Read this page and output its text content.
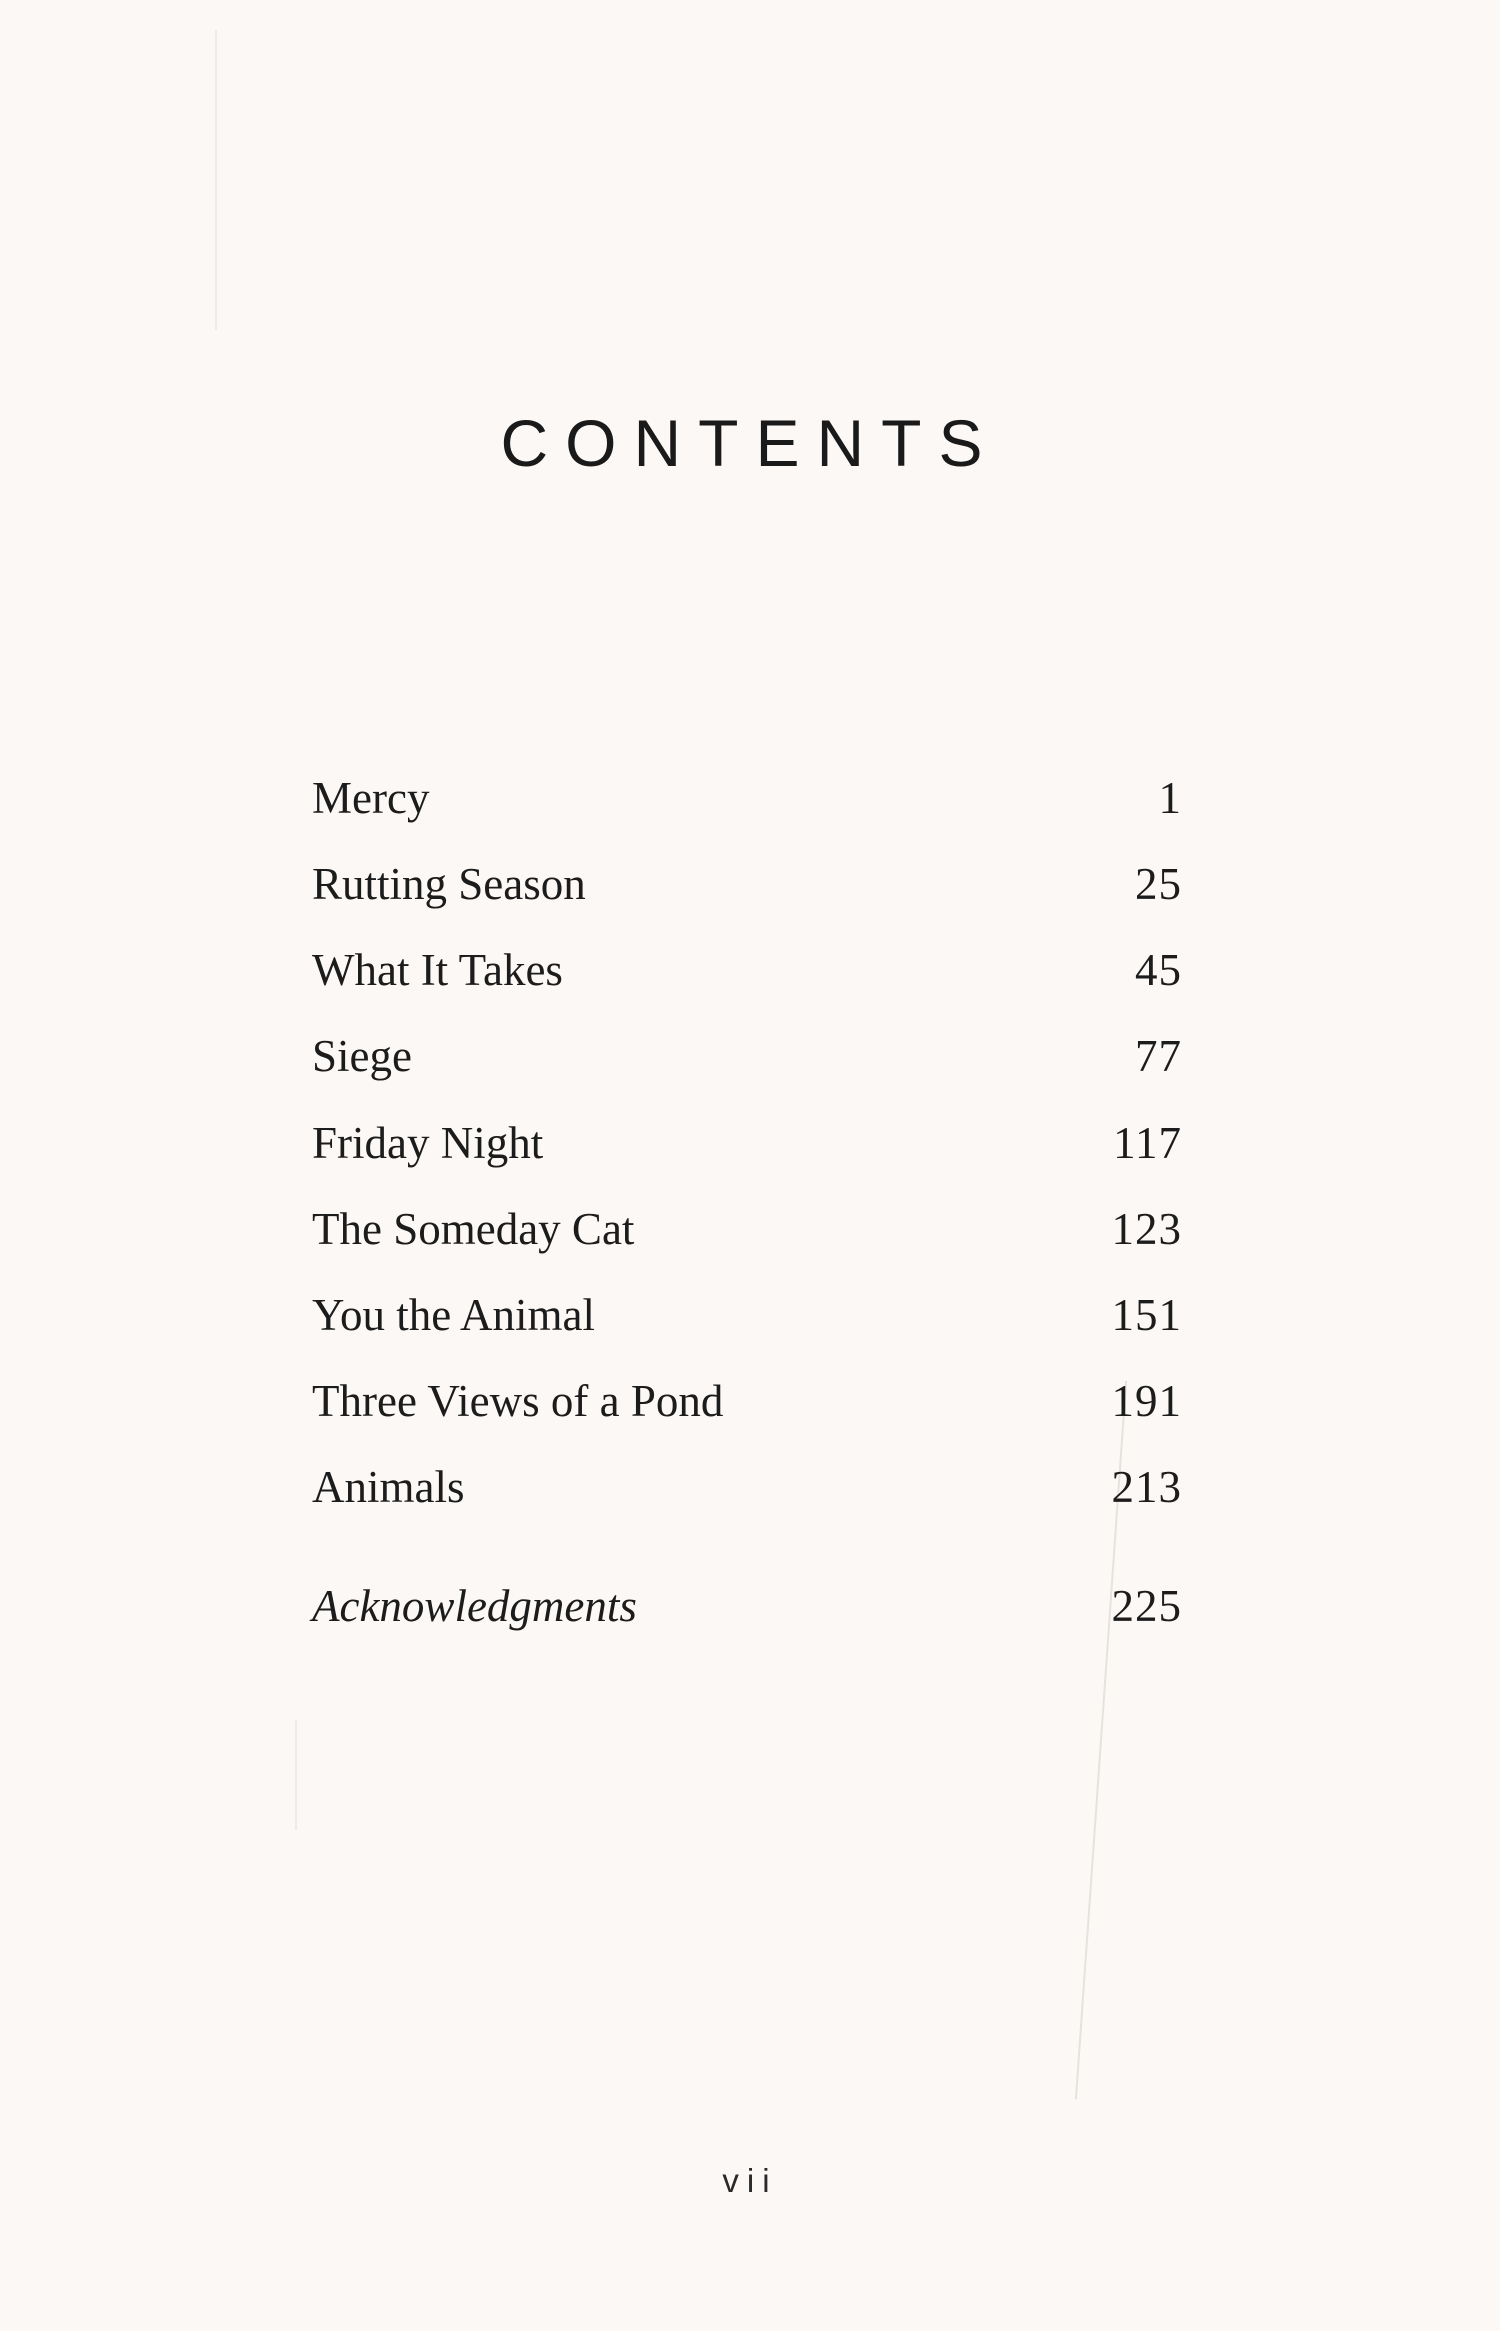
CONTENTS
Mercy	1
Rutting Season	25
What It Takes	45
Siege	77
Friday Night	117
The Someday Cat	123
You the Animal	151
Three Views of a Pond	191
Animals	213
Acknowledgments	225
vii
